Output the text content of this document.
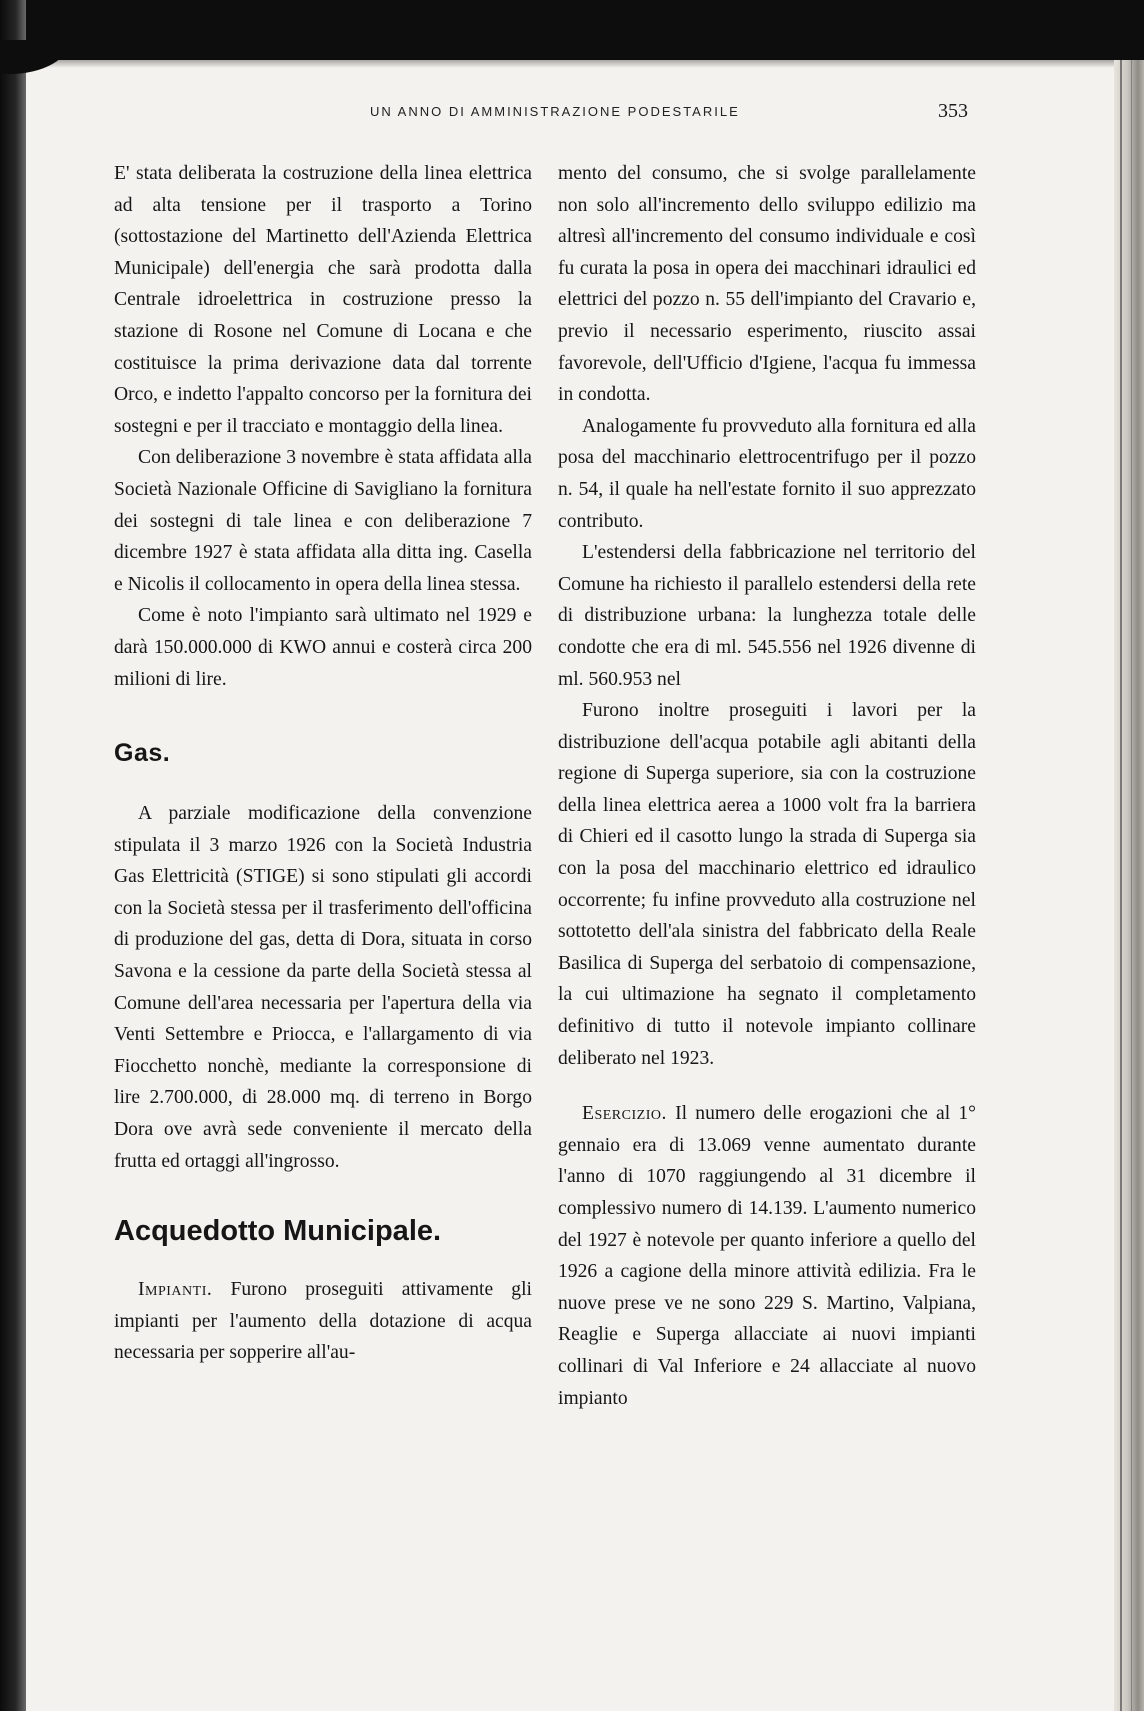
UN ANNO DI AMMINISTRAZIONE PODESTARILE	353

E' stata deliberata la costruzione della linea elettrica ad alta tensione per il trasporto a Torino (sottostazione del Martinetto dell'Azienda Elettrica Municipale) dell'energia che sarà prodotta dalla Centrale idroelettrica in costruzione presso la stazione di Rosone nel Comune di Locana e che costituisce la prima derivazione data dal torrente Orco, e indetto l'appalto concorso per la fornitura dei sostegni e per il tracciato e montaggio della linea.

Con deliberazione 3 novembre è stata affidata alla Società Nazionale Officine di Savigliano la fornitura dei sostegni di tale linea e con deliberazione 7 dicembre 1927 è stata affidata alla ditta ing. Casella e Nicolis il collocamento in opera della linea stessa.

Come è noto l'impianto sarà ultimato nel 1929 e darà 150.000.000 di KWO annui e costerà circa 200 milioni di lire.

Gas.

A parziale modificazione della convenzione stipulata il 3 marzo 1926 con la Società Industria Gas Elettricità (STIGE) si sono stipulati gli accordi con la Società stessa per il trasferimento dell'officina di produzione del gas, detta di Dora, situata in corso Savona e la cessione da parte della Società stessa al Comune dell'area necessaria per l'apertura della via Venti Settembre e Priocca, e l'allargamento di via Fiocchetto nonchè, mediante la corresponsione di lire 2.700.000, di 28.000 mq. di terreno in Borgo Dora ove avrà sede conveniente il mercato della frutta ed ortaggi all'ingrosso.

Acquedotto Municipale.

Impianti. Furono proseguiti attivamente gli impianti per l'aumento della dotazione di acqua necessaria per sopperire all'au-

mento del consumo, che si svolge parallelamente non solo all'incremento dello sviluppo edilizio ma altresì all'incremento del consumo individuale e così fu curata la posa in opera dei macchinari idraulici ed elettrici del pozzo n. 55 dell'impianto del Cravario e, previo il necessario esperimento, riuscito assai favorevole, dell'Ufficio d'Igiene, l'acqua fu immessa in condotta.

Analogamente fu provveduto alla fornitura ed alla posa del macchinario elettrocentrifugo per il pozzo n. 54, il quale ha nell'estate fornito il suo apprezzato contributo.

L'estendersi della fabbricazione nel territorio del Comune ha richiesto il parallelo estendersi della rete di distribuzione urbana: la lunghezza totale delle condotte che era di ml. 545.556 nel 1926 divenne di ml. 560.953 nel

Furono inoltre proseguiti i lavori per la distribuzione dell'acqua potabile agli abitanti della regione di Superga superiore, sia con la costruzione della linea elettrica aerea a 1000 volt fra la barriera di Chieri ed il casotto lungo la strada di Superga sia con la posa del macchinario elettrico ed idraulico occorrente; fu infine provveduto alla costruzione nel sottotetto dell'ala sinistra del fabbricato della Reale Basilica di Superga del serbatoio di compensazione, la cui ultimazione ha segnato il completamento definitivo di tutto il notevole impianto collinare deliberato nel 1923.

Esercizio. Il numero delle erogazioni che al 1° gennaio era di 13.069 venne aumentato durante l'anno di 1070 raggiungendo al 31 dicembre il complessivo numero di 14.139. L'aumento numerico del 1927 è notevole per quanto inferiore a quello del 1926 a cagione della minore attività edilizia. Fra le nuove prese ve ne sono 229 S. Martino, Valpiana, Reaglie e Superga allacciate ai nuovi impianti collinari di Val Inferiore e 24 allacciate al nuovo impianto
